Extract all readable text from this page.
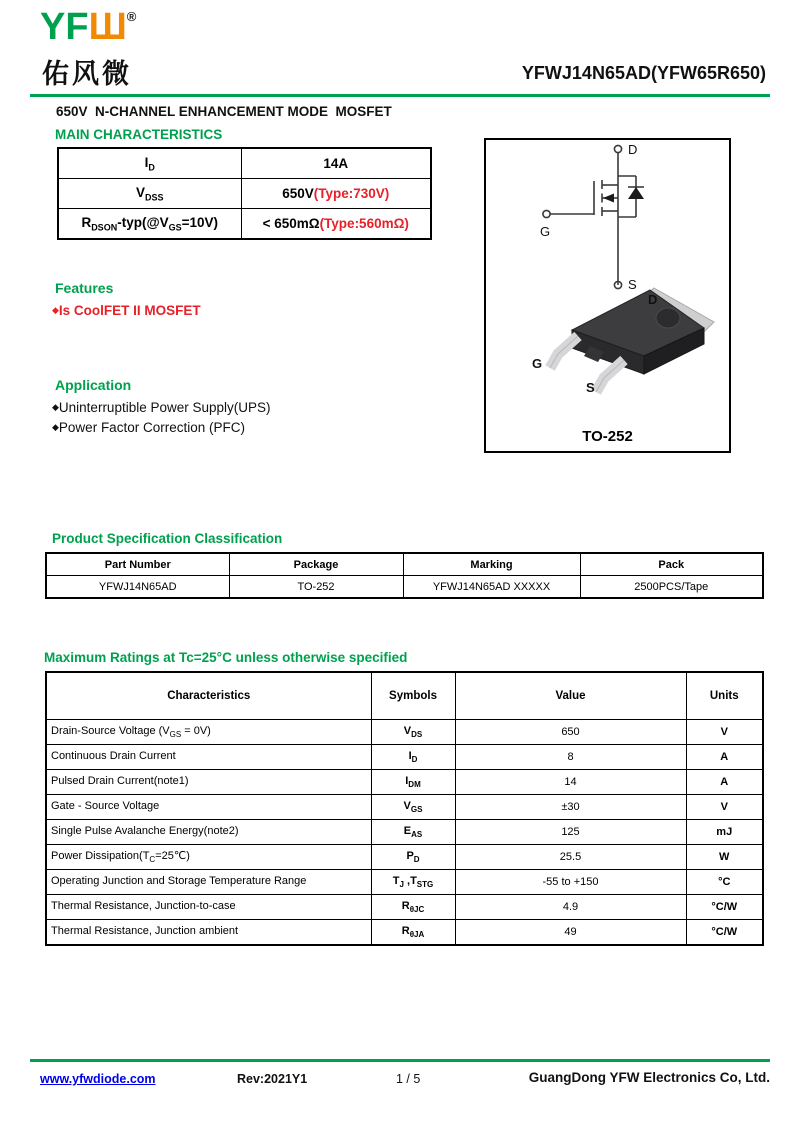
YFШ®
佑风微	YFWJ14N65AD(YFW65R650)
650V  N-CHANNEL ENHANCEMENT MODE  MOSFET
MAIN CHARACTERISTICS
$I_D$	14A
$V_{DSS}$	650V(Type:730V)
$R_{DSON}-typ(@V_{GS}=10V)$	< 650mΩ(Type:560mΩ)
D
G
S
D
G
S
TO-252
Features
◆Is CoolFET II MOSFET
Application
◆Uninterruptible Power Supply(UPS)
◆Power Factor Correction (PFC)
Product Specification Classification
Part Number	Package	Marking	Pack
YFWJ14N65AD	TO-252	YFWJ14N65AD XXXXX	2500PCS/Tape
Maximum Ratings at Tc=25°C unless otherwise specified
Characteristics	Symbols	Value	Units
Drain-Source Voltage $(V_{GS} = 0V)$	$V_{DS}$	650	V
Continuous Drain Current	$I_D$	8	A
Pulsed Drain Current(note1)	$I_{DM}$	14	A
Gate - Source Voltage	$V_{GS}$	±30	V
Single Pulse Avalanche Energy(note2)	$E_{AS}$	125	mJ
Power $Dissipation(T_C=25℃)$	$P_D$	25.5	W
Operating Junction and Storage Temperature Range	$T_J$ $,T_{STG}$	-55 to +150	°C
Thermal Resistance, Junction-to-case	$R_{\theta JC}$	4.9	°C/W
Thermal Resistance, Junction ambient	$R_{\theta JA}$	49	°C/W
www.yfwdiode.com	Rev:2021Y1	1 / 5	GuangDong YFW Electronics Co, Ltd.
